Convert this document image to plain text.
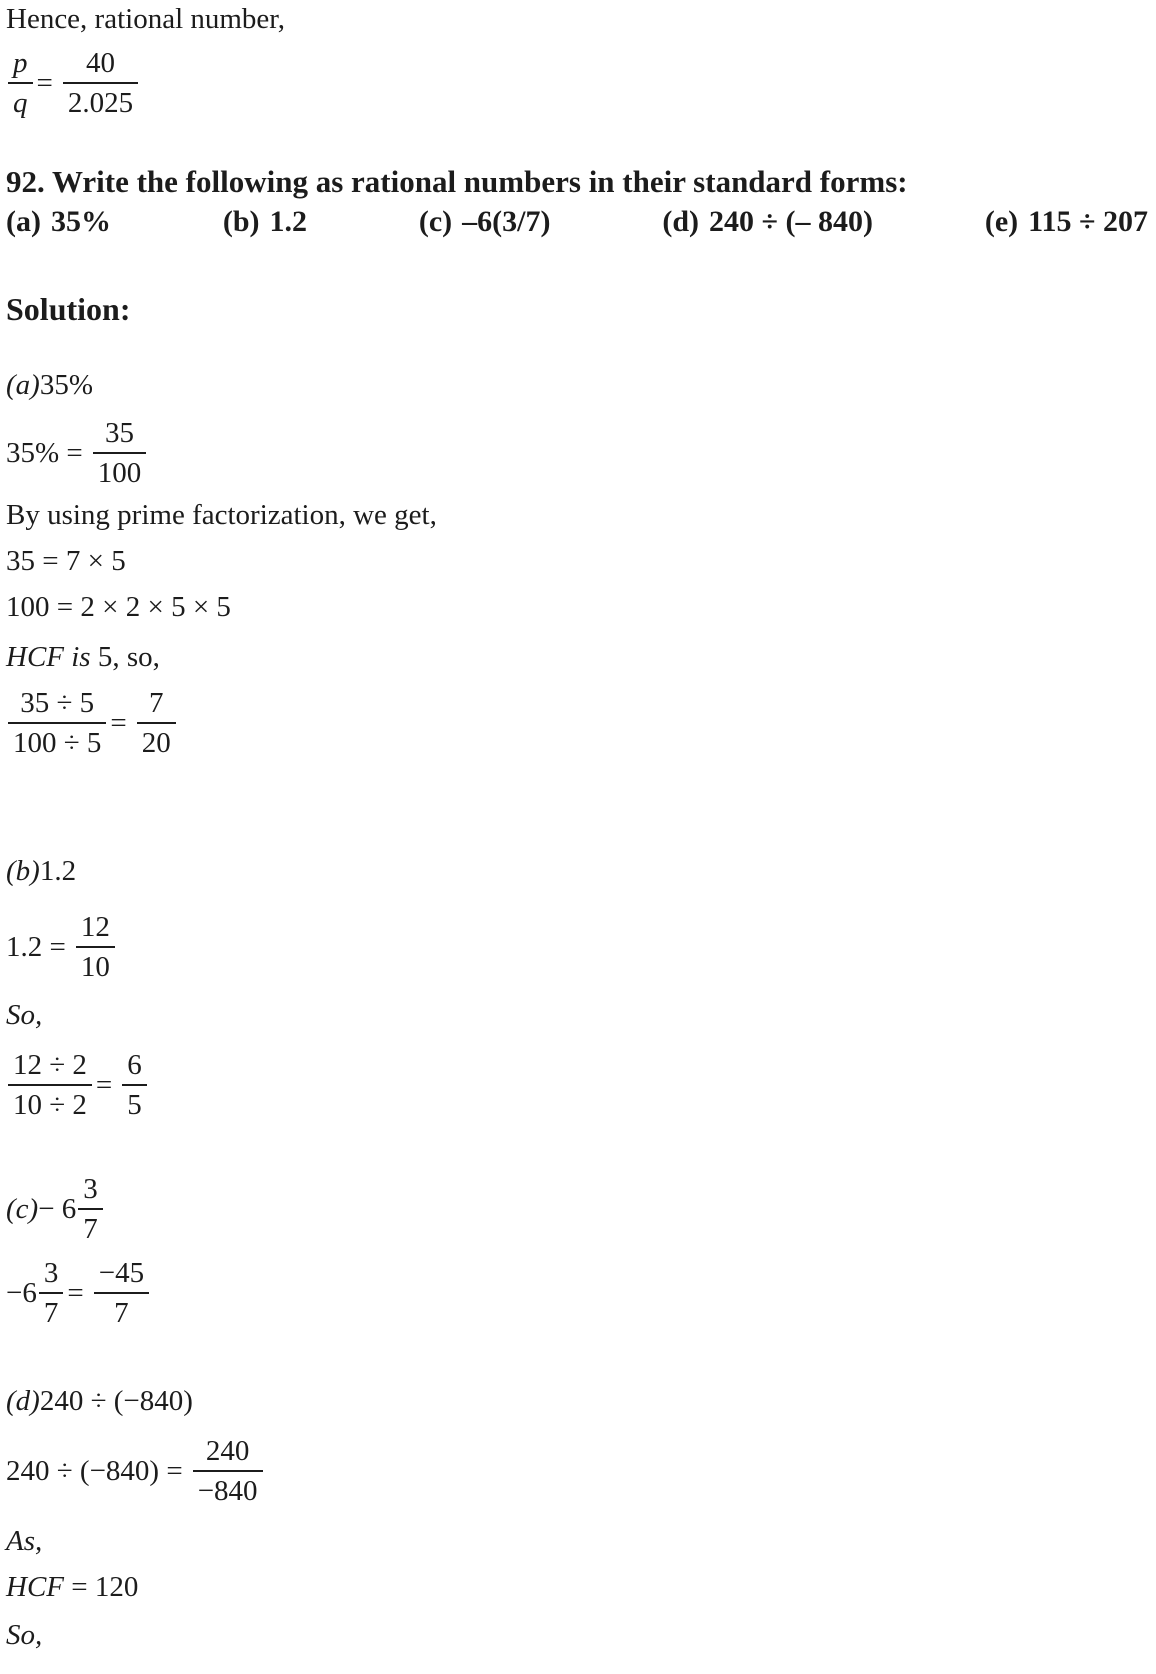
Hence, rational number,
$\frac{p}{q} = \frac{40}{2.025}$
92. Write the following as rational numbers in their standard forms:
(a) 35%	(b) 1.2	(c) –6(3/7)	(d) 240 ÷ (– 840)	(e) 115 ÷ 207
Solution:
(a)35%
$35\% = \frac{35}{100}$
By using prime factorization, we get,
35 = 7 × 5
100 = 2 × 2 × 5 × 5
HCF is 5, so,
$\frac{35 \div 5}{100 \div 5} = \frac{7}{20}$
(b)1.2
$1.2 = \frac{12}{10}$
So,
$\frac{12 \div 2}{10 \div 2} = \frac{6}{5}$
$(c) - 6 \frac{3}{7}$
$-6 \frac{3}{7} = \frac{-45}{7}$
(d)240 ÷ (−840)
$240 \div (-840) = \frac{240}{-840}$
As,
HCF = 120
So,
